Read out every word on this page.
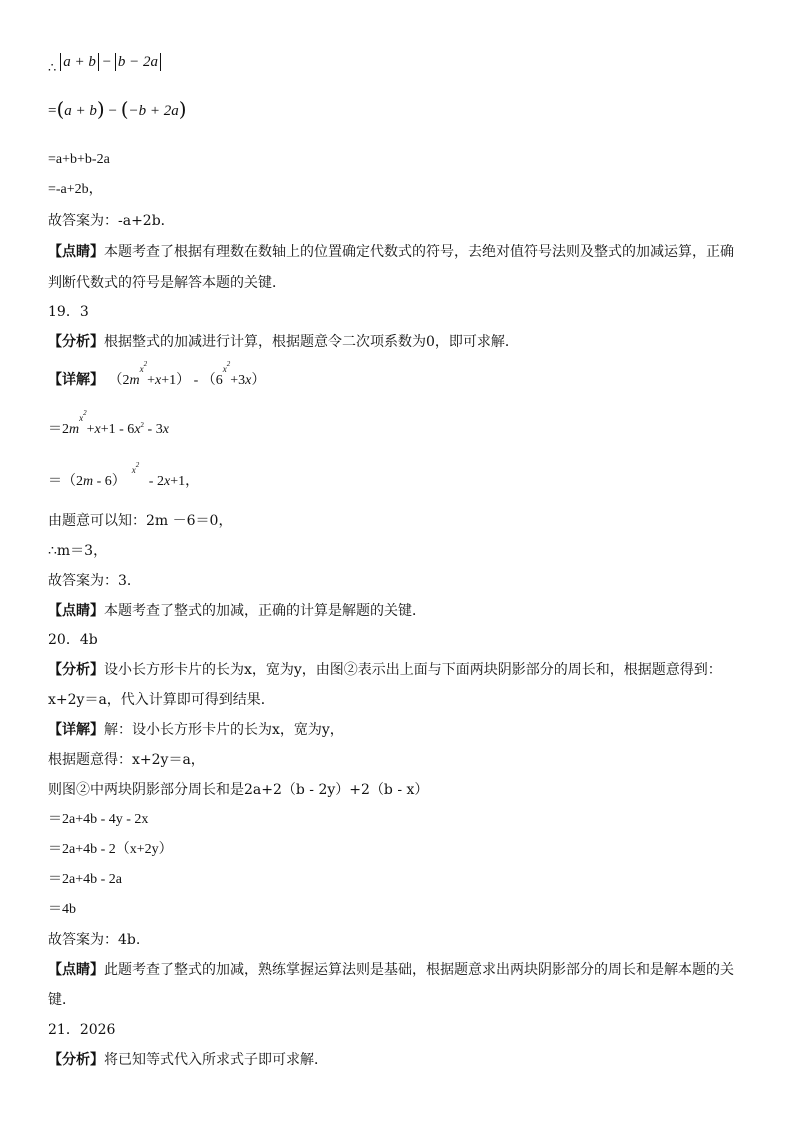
∴ a + b − b − 2a
=(a + b) − (−b + 2a)
=a+b+b-2a
=-a+2b，
故答案为：-a+2b．
【点睛】本题考查了根据有理数在数轴上的位置确定代数式的符号，去绝对值符号法则及整式的加减运算，正确
判断代数式的符号是解答本题的关键．
19．3
【分析】根据整式的加减进行计算，根据题意令二次项系数为0，即可求解．
【详解】 $(2m^{x^2}+x+1) - (6^{x^2}+3x)$
$=2m^{x^2}+x+1 - 6x^2 - 3x$
＝（2m - 6）$^{x^2}$ - 2x+1，
由题意可以知：2m －6＝0，
∴m＝3，
故答案为：3．
【点睛】本题考查了整式的加减，正确的计算是解题的关键．
20．4b
【分析】设小长方形卡片的长为x，宽为y，由图②表示出上面与下面两块阴影部分的周长和，根据题意得到：
x+2y＝a，代入计算即可得到结果．
【详解】解：设小长方形卡片的长为x，宽为y，
根据题意得：x+2y＝a，
则图②中两块阴影部分周长和是2a+2（b - 2y）+2（b - x）
＝2a+4b - 4y - 2x
＝2a+4b - 2（x+2y）
＝2a+4b - 2a
＝4b
故答案为：4b.
【点睛】此题考查了整式的加减，熟练掌握运算法则是基础，根据题意求出两块阴影部分的周长和是解本题的关
键．
21．2026
【分析】将已知等式代入所求式子即可求解．
